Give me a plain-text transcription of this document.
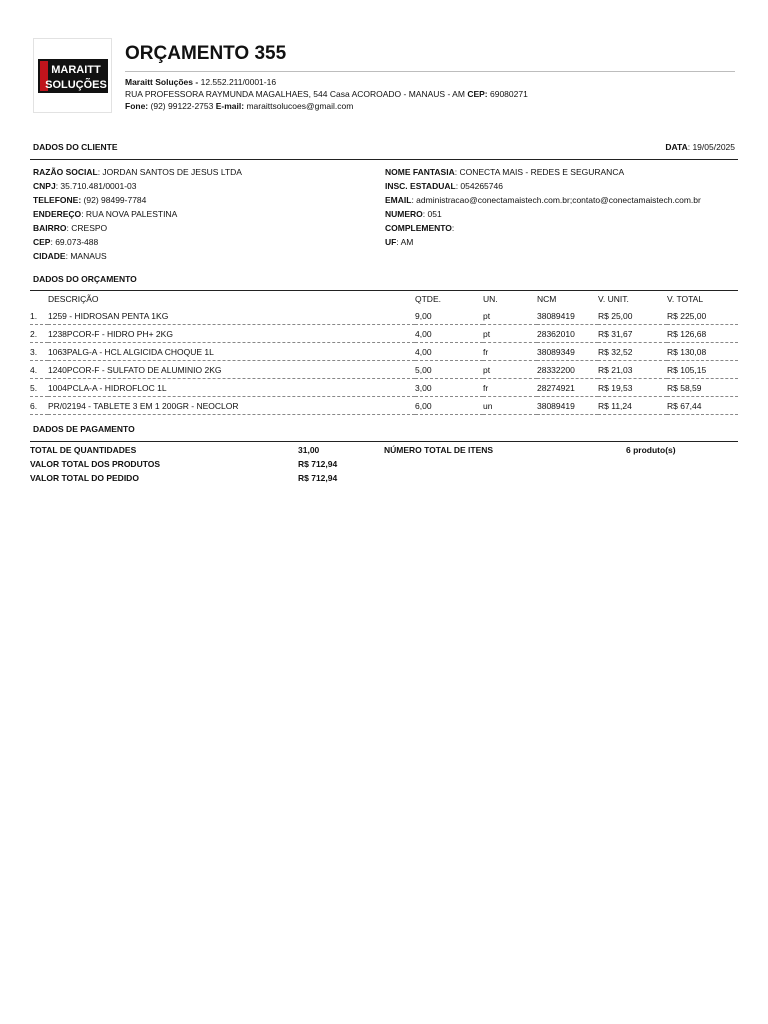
MARAITT
SOLUÇÕES
ORÇAMENTO 355
Maraitt Soluções - 12.552.211/0001-16
RUA PROFESSORA RAYMUNDA MAGALHAES, 544 Casa ACOROADO - MANAUS - AM CEP: 69080271
Fone: (92) 99122-2753 E-mail: maraittsolucoes@gmail.com
DADOS DO CLIENTE	DATA: 19/05/2025
RAZÃO SOCIAL: JORDAN SANTOS DE JESUS LTDA
CNPJ: 35.710.481/0001-03
TELEFONE: (92) 98499-7784
ENDEREÇO: RUA NOVA PALESTINA
BAIRRO: CRESPO
CEP: 69.073-488
CIDADE: MANAUS
NOME FANTASIA: CONECTA MAIS - REDES E SEGURANCA
INSC. ESTADUAL: 054265746
EMAIL: administracao@conectamaistech.com.br;contato@conectamaistech.com.br
NUMERO: 051
COMPLEMENTO:
UF: AM
DADOS DO ORÇAMENTO
	DESCRIÇÃO	QTDE.	UN.	NCM	V. UNIT.	V. TOTAL
1.	1259 - HIDROSAN PENTA 1KG	9,00	pt	38089419	R$ 25,00	R$ 225,00
2.	1238PCOR-F - HIDRO PH+ 2KG	4,00	pt	28362010	R$ 31,67	R$ 126,68
3.	1063PALG-A - HCL ALGICIDA CHOQUE 1L	4,00	fr	38089349	R$ 32,52	R$ 130,08
4.	1240PCOR-F - SULFATO DE ALUMINIO 2KG	5,00	pt	28332200	R$ 21,03	R$ 105,15
5.	1004PCLA-A - HIDROFLOC 1L	3,00	fr	28274921	R$ 19,53	R$ 58,59
6.	PR/02194 - TABLETE 3 EM 1 200GR - NEOCLOR	6,00	un	38089419	R$ 11,24	R$ 67,44
DADOS DE PAGAMENTO
TOTAL DE QUANTIDADES	31,00	NÚMERO TOTAL DE ITENS	6 produto(s)
VALOR TOTAL DOS PRODUTOS	R$ 712,94
VALOR TOTAL DO PEDIDO	R$ 712,94
